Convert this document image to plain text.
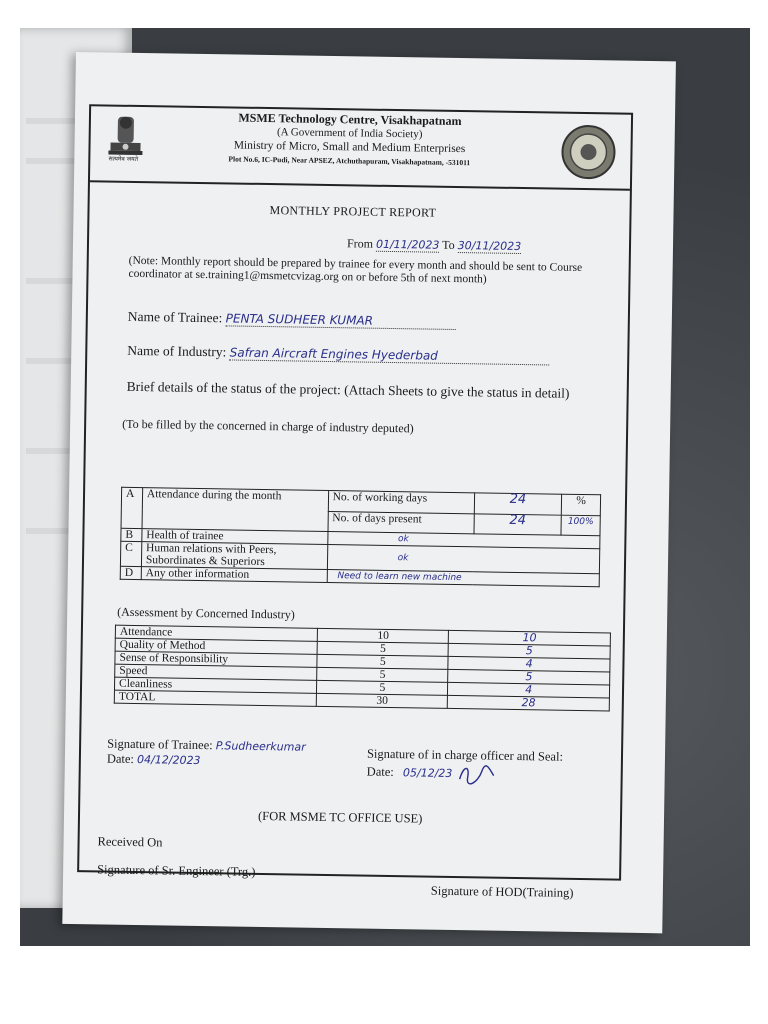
सत्यमेव जयते
MSME Technology Centre, Visakhapatnam
(A Government of India Society)
Ministry of Micro, Small and Medium Enterprises
Plot No.6, IC-Pudi, Near APSEZ, Atchuthapuram, Visakhapatnam, -531011
MONTHLY PROJECT REPORT
From 01/11/2023 To 30/11/2023
(Note: Monthly report should be prepared by trainee for every month and should be sent to Course coordinator at se.training1@msmetcvizag.org on or before 5th of next month)
Name of Trainee: PENTA SUDHEER KUMAR
Name of Industry: Safran Aircraft Engines Hyederbad
Brief details of the status of the project: (Attach Sheets to give the status in detail)
(To be filled by the concerned in charge of industry deputed)
A	Attendance during the month	No. of working days	24	%
		No. of days present	24	100%
B	Health of trainee	ok		
C	Human relations with Peers, Subordinates & Superiors	ok		
D	Any other information	Need to learn new machine		
(Assessment by Concerned Industry)
Attendance	10	10
Quality of Method	5	5
Sense of Responsibility	5	4
Speed	5	5
Cleanliness	5	4
TOTAL	30	28
Signature of Trainee: P.Sudheerkumar
Date: 04/12/2023	Signature of in charge officer and Seal:
Date: 05/12/23
(FOR MSME TC OFFICE USE)
Received On
Signature of Sr. Engineer (Trg.)
Signature of HOD(Training)
